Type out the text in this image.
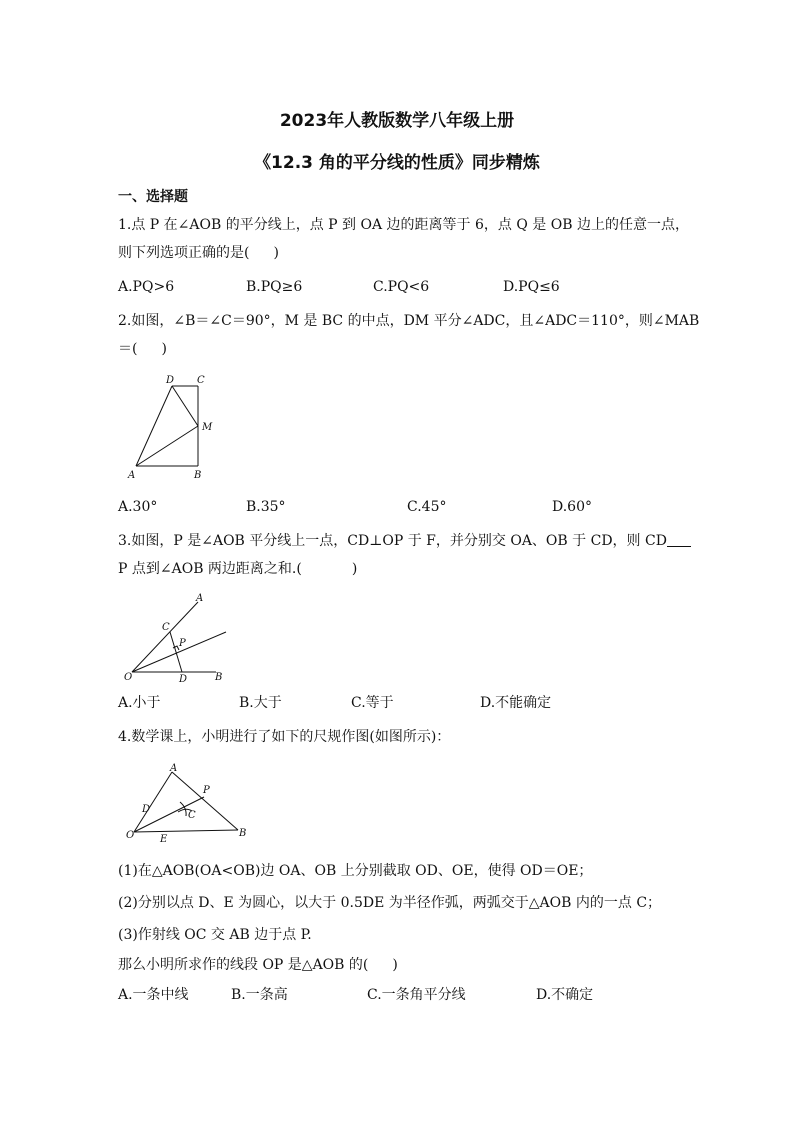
2023年人教版数学八年级上册
《12.3 角的平分线的性质》同步精炼
一、选择题
1.点 P 在∠AOB 的平分线上，点 P 到 OA 边的距离等于 6，点 Q 是 OB 边上的任意一点，
则下列选项正确的是( )
A.PQ>6	B.PQ≥6	C.PQ<6	D.PQ≤6
2.如图，∠B＝∠C＝90°，M 是 BC 的中点，DM 平分∠ADC，且∠ADC＝110°，则∠MAB
＝( )
D C
M
A	B
A.30°	B.35°	C.45°	D.60°
3.如图，P 是∠AOB 平分线上一点，CD⊥OP 于 F，并分别交 OA、OB 于 CD，则 CD
P 点到∠AOB 两边距离之和.(	)
A
C
P
O	D	B
A.小于	B.大于	C.等于	D.不能确定
4.数学课上，小明进行了如下的尺规作图(如图所示)：
A
P
D
C
O	E
B
(1)在△AOB(OA<OB)边 OA、OB 上分别截取 OD、OE，使得 OD＝OE；
(2)分别以点 D、E 为圆心，以大于 0.5DE 为半径作弧，两弧交于△AOB 内的一点 C；
(3)作射线 OC 交 AB 边于点 P.
那么小明所求作的线段 OP 是△AOB 的( )
A.一条中线	B.一条高	C.一条角平分线	D.不确定
